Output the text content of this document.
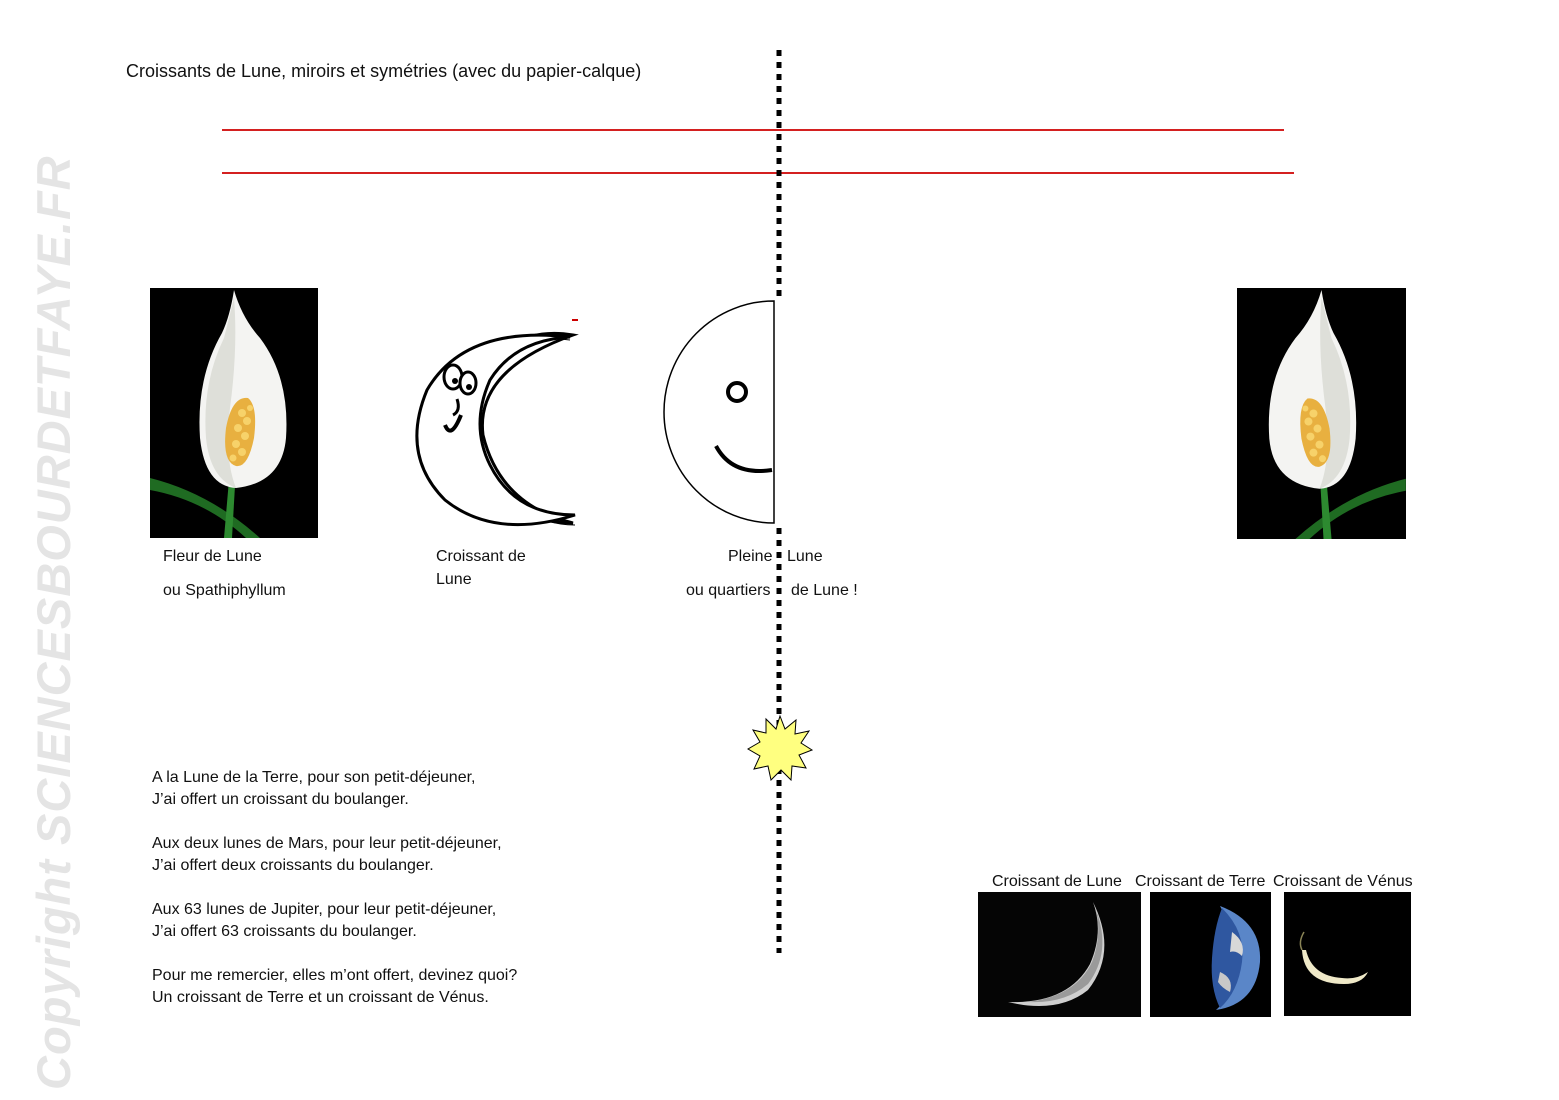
Copyright SCIENCESBOURDETFAYE.FR
Croissants de Lune, miroirs et symétries (avec du papier-calque)
Fleur de Lune
ou Spathiphyllum
Croissant de
Lune
Pleine Lune
ou quartiers de Lune !

A la Lune de la Terre, pour son petit-déjeuner,
J’ai offert un croissant du boulanger.

Aux deux lunes de Mars, pour leur petit-déjeuner,
J’ai offert deux croissants du boulanger.

Aux 63 lunes de Jupiter, pour leur petit-déjeuner,
J’ai offert 63 croissants du boulanger.

Pour me remercier, elles m’ont offert, devinez quoi?
Un croissant de Terre et un croissant de Vénus.

Croissant de Lune Croissant de Terre Croissant de Vénus
